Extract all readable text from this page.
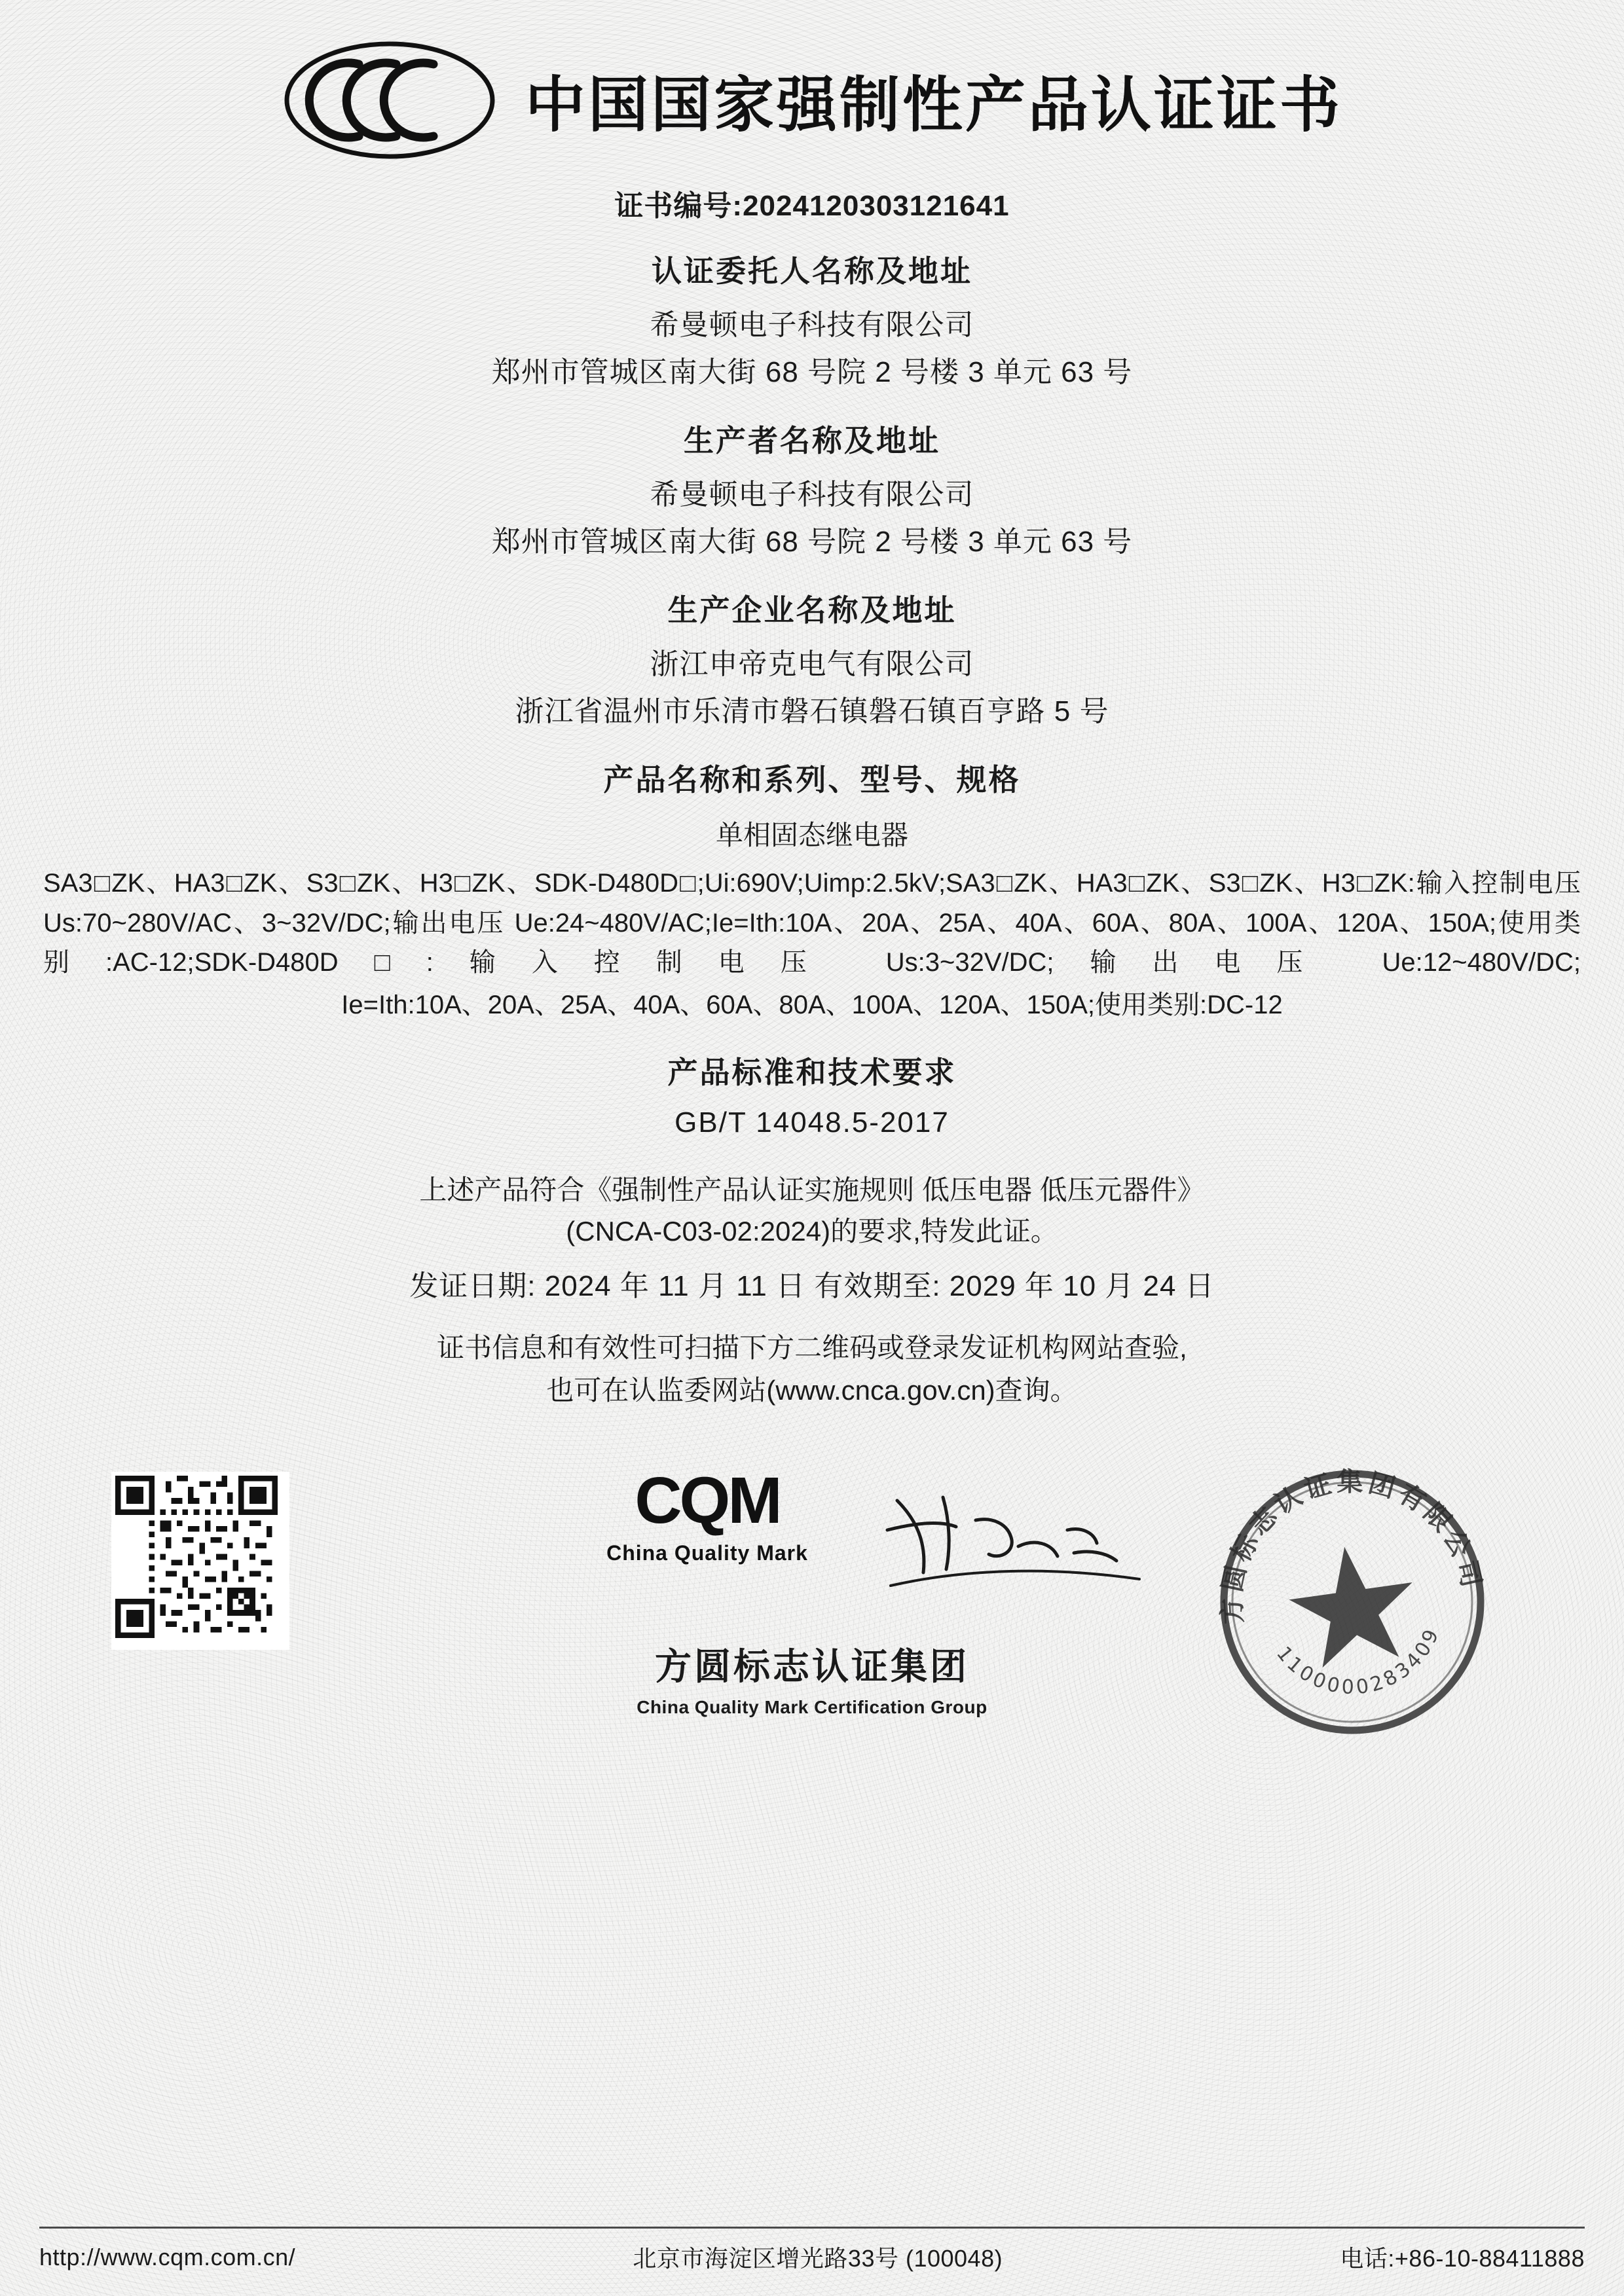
中国国家强制性产品认证证书
证书编号:2024120303121641
认证委托人名称及地址
希曼顿电子科技有限公司
郑州市管城区南大街 68 号院 2 号楼 3 单元 63 号
生产者名称及地址
希曼顿电子科技有限公司
郑州市管城区南大街 68 号院 2 号楼 3 单元 63 号
生产企业名称及地址
浙江申帝克电气有限公司
浙江省温州市乐清市磐石镇磐石镇百亨路 5 号
产品名称和系列、型号、规格
单相固态继电器
SA3□ZK、HA3□ZK、S3□ZK、H3□ZK、SDK-D480D□;Ui:690V;Uimp:2.5kV;SA3□ZK、HA3□ZK、S3□ZK、H3□ZK:输入控制电压 Us:70~280V/AC、3~32V/DC;输出电压 Ue:24~480V/AC;Ie=Ith:10A、20A、25A、40A、60A、80A、100A、120A、150A;使用类别:AC-12;SDK-D480D□:输入控制电压 Us:3~32V/DC;输出电压 Ue:12~480V/DC;
Ie=Ith:10A、20A、25A、40A、60A、80A、100A、120A、150A;使用类别:DC-12
产品标准和技术要求
GB/T 14048.5-2017
上述产品符合《强制性产品认证实施规则 低压电器 低压元器件》
(CNCA-C03-02:2024)的要求,特发此证。
发证日期: 2024 年 11 月 11 日 有效期至: 2029 年 10 月 24 日
证书信息和有效性可扫描下方二维码或登录发证机构网站查验,
也可在认监委网站(www.cnca.gov.cn)查询。
CQM
China Quality Mark
方圆标志认证集团有限公司
1100000283409
方圆标志认证集团
China Quality Mark Certification Group
http://www.cqm.com.cn/	北京市海淀区增光路33号 (100048)	电话:+86-10-88411888
